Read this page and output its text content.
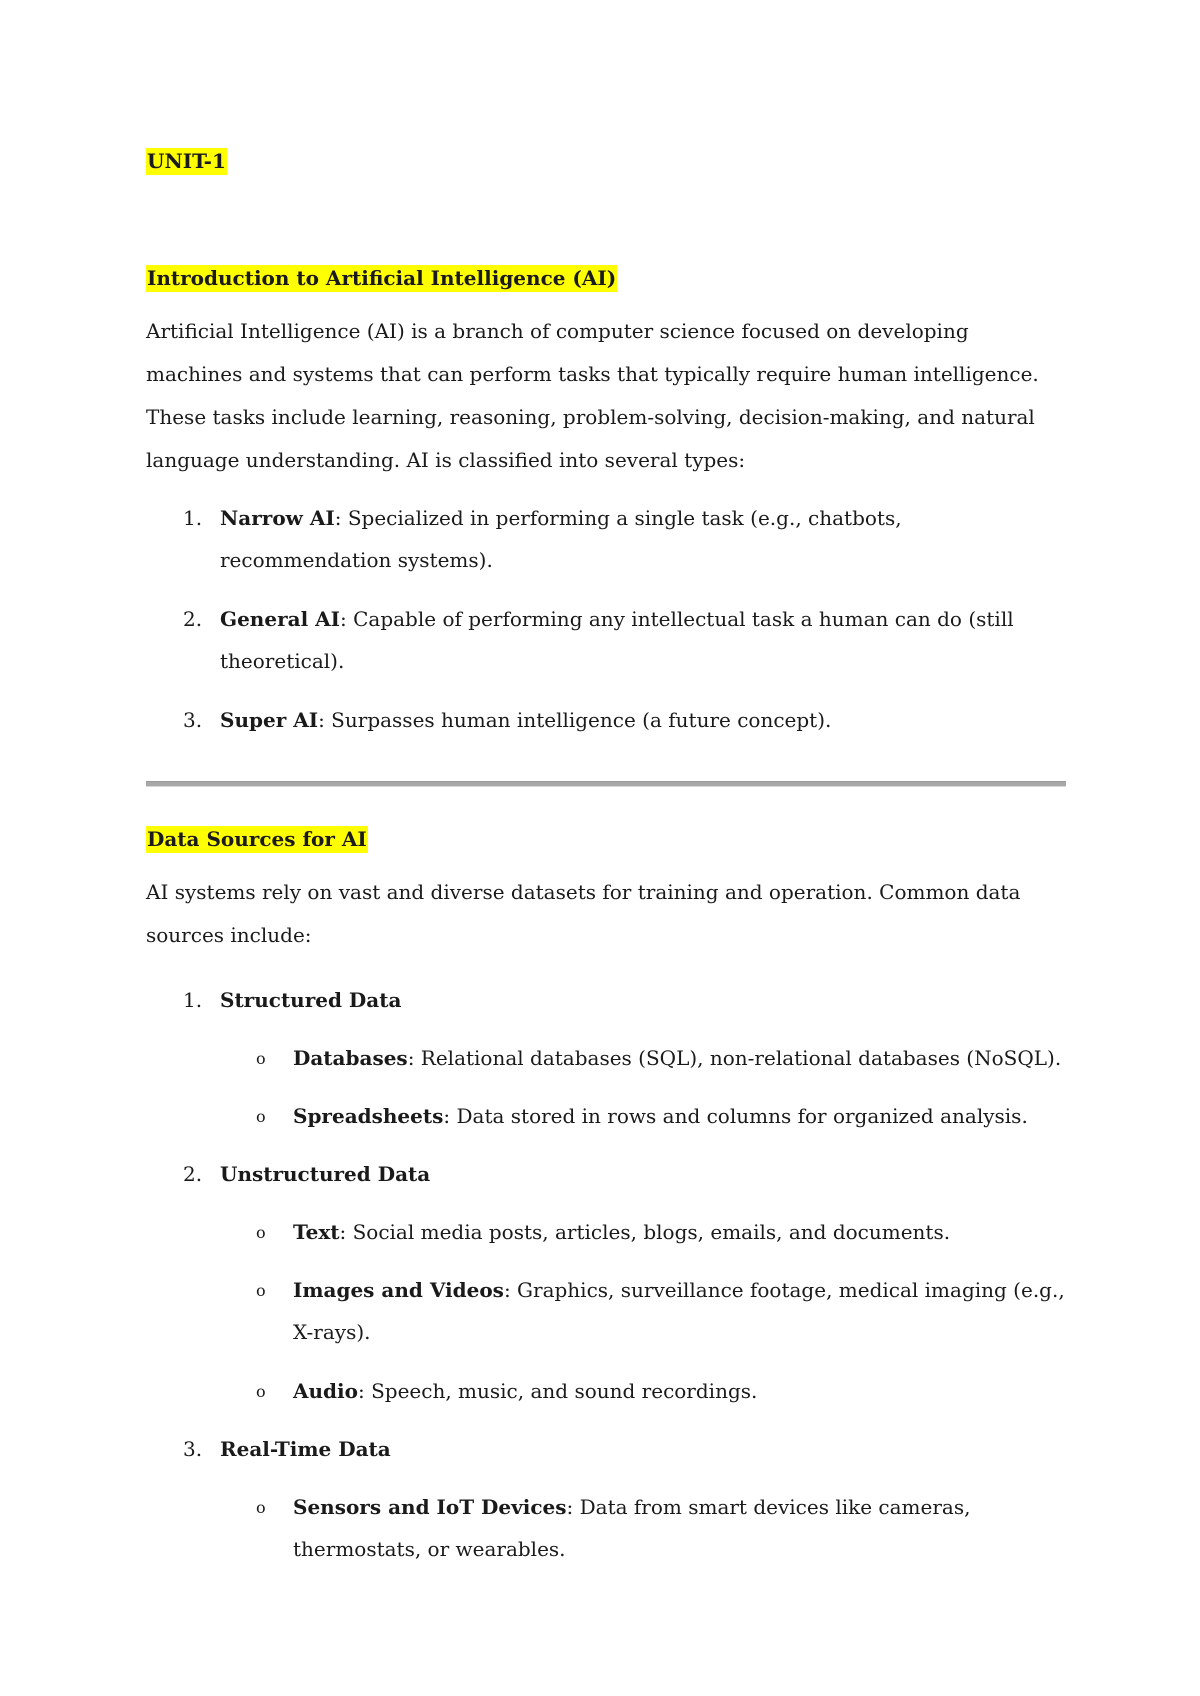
UNIT-1
Introduction to Artificial Intelligence (AI)

Artificial Intelligence (AI) is a branch of computer science focused on developing machines and systems that can perform tasks that typically require human intelligence. These tasks include learning, reasoning, problem-solving, decision-making, and natural language understanding. AI is classified into several types:

1. Narrow AI: Specialized in performing a single task (e.g., chatbots, recommendation systems).
2. General AI: Capable of performing any intellectual task a human can do (still theoretical).
3. Super AI: Surpasses human intelligence (a future concept).
Data Sources for AI

AI systems rely on vast and diverse datasets for training and operation. Common data sources include:

1. Structured Data
o Databases: Relational databases (SQL), non-relational databases (NoSQL).
o Spreadsheets: Data stored in rows and columns for organized analysis.
2. Unstructured Data
o Text: Social media posts, articles, blogs, emails, and documents.
o Images and Videos: Graphics, surveillance footage, medical imaging (e.g., X-rays).
o Audio: Speech, music, and sound recordings.
3. Real-Time Data
o Sensors and IoT Devices: Data from smart devices like cameras, thermostats, or wearables.
